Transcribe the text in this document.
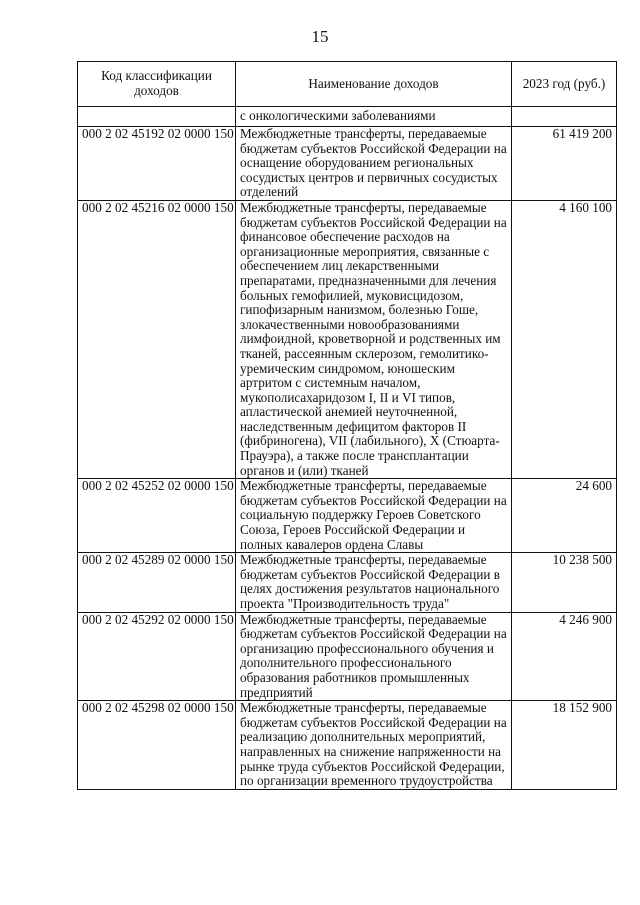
15
Код классификации доходов	Наименование доходов	2023 год (руб.)
	с онкологическими заболеваниями	
000 2 02 45192 02 0000 150	Межбюджетные трансферты, передаваемые бюджетам субъектов Российской Федерации на оснащение оборудованием региональных сосудистых центров и первичных сосудистых отделений	61 419 200
000 2 02 45216 02 0000 150	Межбюджетные трансферты, передаваемые бюджетам субъектов Российской Федерации на финансовое обеспечение расходов на организационные мероприятия, связанные с обеспечением лиц лекарственными препаратами, предназначенными для лечения больных гемофилией, муковисцидозом, гипофизарным нанизмом, болезнью Гоше, злокачественными новообразованиями лимфоидной, кроветворной и родственных им тканей, рассеянным склерозом, гемолитико-уремическим синдромом, юношеским артритом с системным началом, мукополисахаридозом I, II и VI типов, апластической анемией неуточненной, наследственным дефицитом факторов II (фибриногена), VII (лабильного), X (Стюарта-Прауэра), а также после трансплантации органов и (или) тканей	4 160 100
000 2 02 45252 02 0000 150	Межбюджетные трансферты, передаваемые бюджетам субъектов Российской Федерации на социальную поддержку Героев Советского Союза, Героев Российской Федерации и полных кавалеров ордена Славы	24 600
000 2 02 45289 02 0000 150	Межбюджетные трансферты, передаваемые бюджетам субъектов Российской Федерации в целях достижения результатов национального проекта "Производительность труда"	10 238 500
000 2 02 45292 02 0000 150	Межбюджетные трансферты, передаваемые бюджетам субъектов Российской Федерации на организацию профессионального обучения и дополнительного профессионального образования работников промышленных предприятий	4 246 900
000 2 02 45298 02 0000 150	Межбюджетные трансферты, передаваемые бюджетам субъектов Российской Федерации на реализацию дополнительных мероприятий, направленных на снижение напряженности на рынке труда субъектов Российской Федерации, по организации временного трудоустройства	18 152 900
